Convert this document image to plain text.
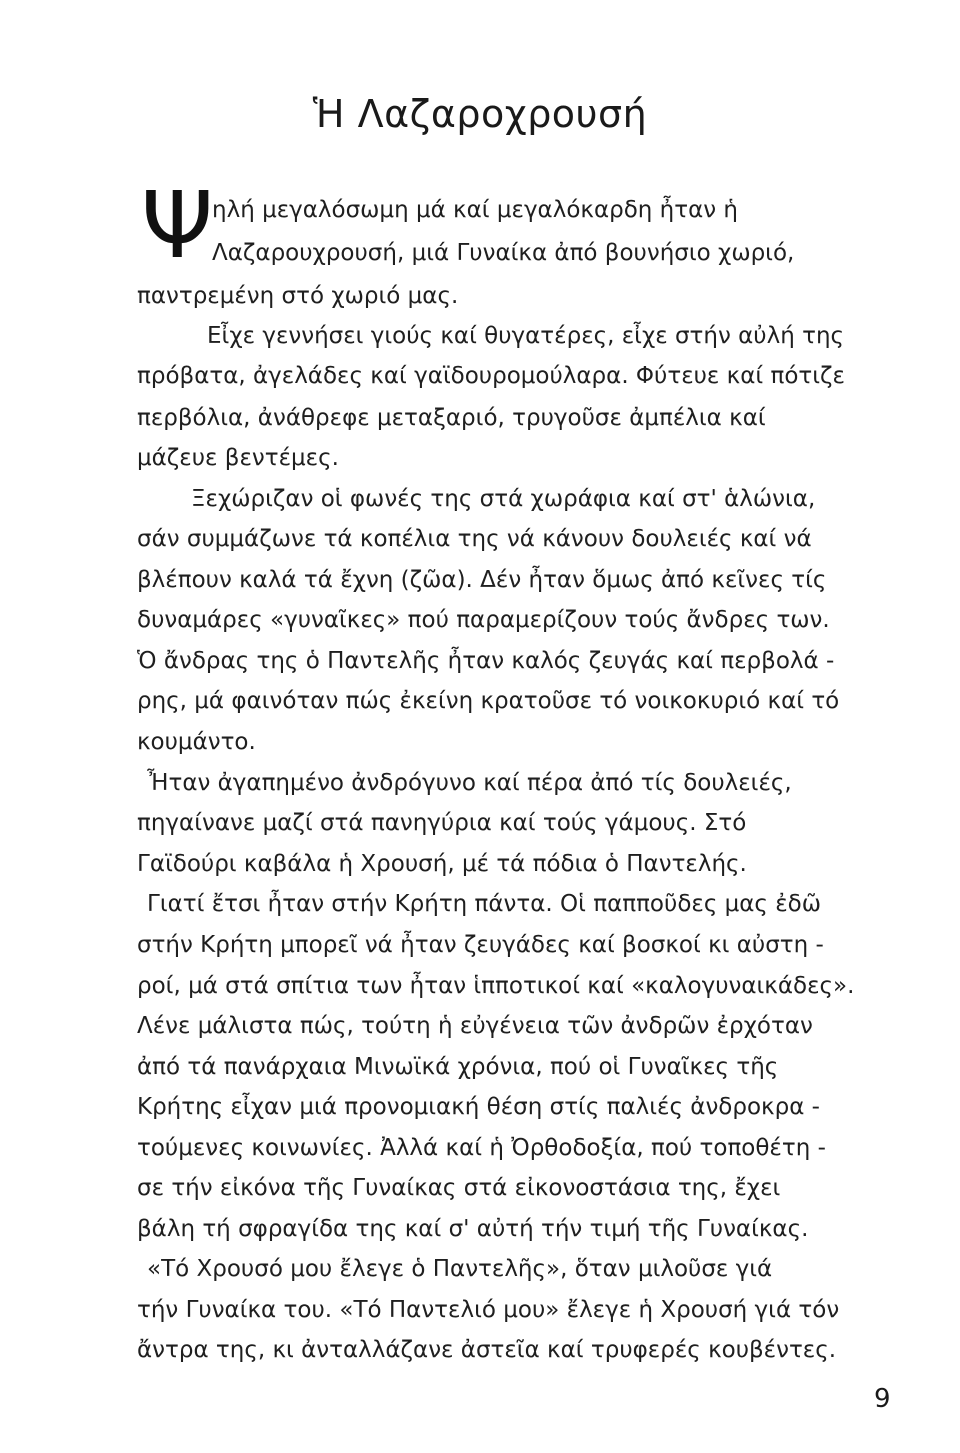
Ἡ Λαζαροχρουσή
Ψ
ηλή μεγαλόσωμη μά καί μεγαλόκαρδη ἦταν ἡ
Λαζαρουχρουσή, μιά Γυναίκα ἀπό βουνήσιο χωριό,
παντρεμένη στό χωριό μας.
Εἶχε γεννήσει γιούς καί θυγατέρες, εἶχε στήν αὐλή της
πρόβατα, ἀγελάδες καί γαϊδουρομούλαρα. Φύτευε καί πότιζε
περβόλια, ἀνάθρεφε μεταξαριό, τρυγοῦσε ἀμπέλια καί
μάζευε βεντέμες.
Ξεχώριζαν οἱ φωνές της στά χωράφια καί στ' ἁλώνια,
σάν συμμάζωνε τά κοπέλια της νά κάνουν δουλειές καί νά
βλέπουν καλά τά ἔχνη (ζῶα). Δέν ἦταν ὅμως ἀπό κεῖνες τίς
δυναμάρες «γυναῖκες» πού παραμερίζουν τούς ἄνδρες των.
Ὁ ἄνδρας της ὁ Παντελῆς ἦταν καλός ζευγάς καί περβολά -
ρης, μά φαινόταν πώς ἐκείνη κρατοῦσε τό νοικοκυριό καί τό
κουμάντο.
Ἦταν ἀγαπημένο ἀνδρόγυνο καί πέρα ἀπό τίς δουλειές,
πηγαίνανε μαζί στά πανηγύρια καί τούς γάμους. Στό
Γαϊδούρι καβάλα ἡ Χρουσή, μέ τά πόδια ὁ Παντελής.
Γιατί ἔτσι ἦταν στήν Κρήτη πάντα. Οἱ παπποῦδες μας ἐδῶ
στήν Κρήτη μπορεῖ νά ἦταν ζευγάδες καί βοσκοί κι αὐστη -
ροί, μά στά σπίτια των ἦταν ἱπποτικοί καί «καλογυναικάδες».
Λένε μάλιστα πώς, τούτη ἡ εὐγένεια τῶν ἀνδρῶν ἐρχόταν
ἀπό τά πανάρχαια Μινωϊκά χρόνια, πού οἱ Γυναῖκες τῆς
Κρήτης εἶχαν μιά προνομιακή θέση στίς παλιές ἀνδροκρα -
τούμενες κοινωνίες. Ἀλλά καί ἡ Ὀρθοδοξία, πού τοποθέτη -
σε τήν εἰκόνα τῆς Γυναίκας στά εἰκονοστάσια της, ἔχει
βάλη τή σφραγίδα της καί σ' αὐτή τήν τιμή τῆς Γυναίκας.
«Τό Χρουσό μου ἔλεγε ὁ Παντελῆς», ὅταν μιλοῦσε γιά
τήν Γυναίκα του. «Τό Παντελιό μου» ἔλεγε ἡ Χρουσή γιά τόν
ἄντρα της, κι ἀνταλλάζανε ἀστεῖα καί τρυφερές κουβέντες.
9
